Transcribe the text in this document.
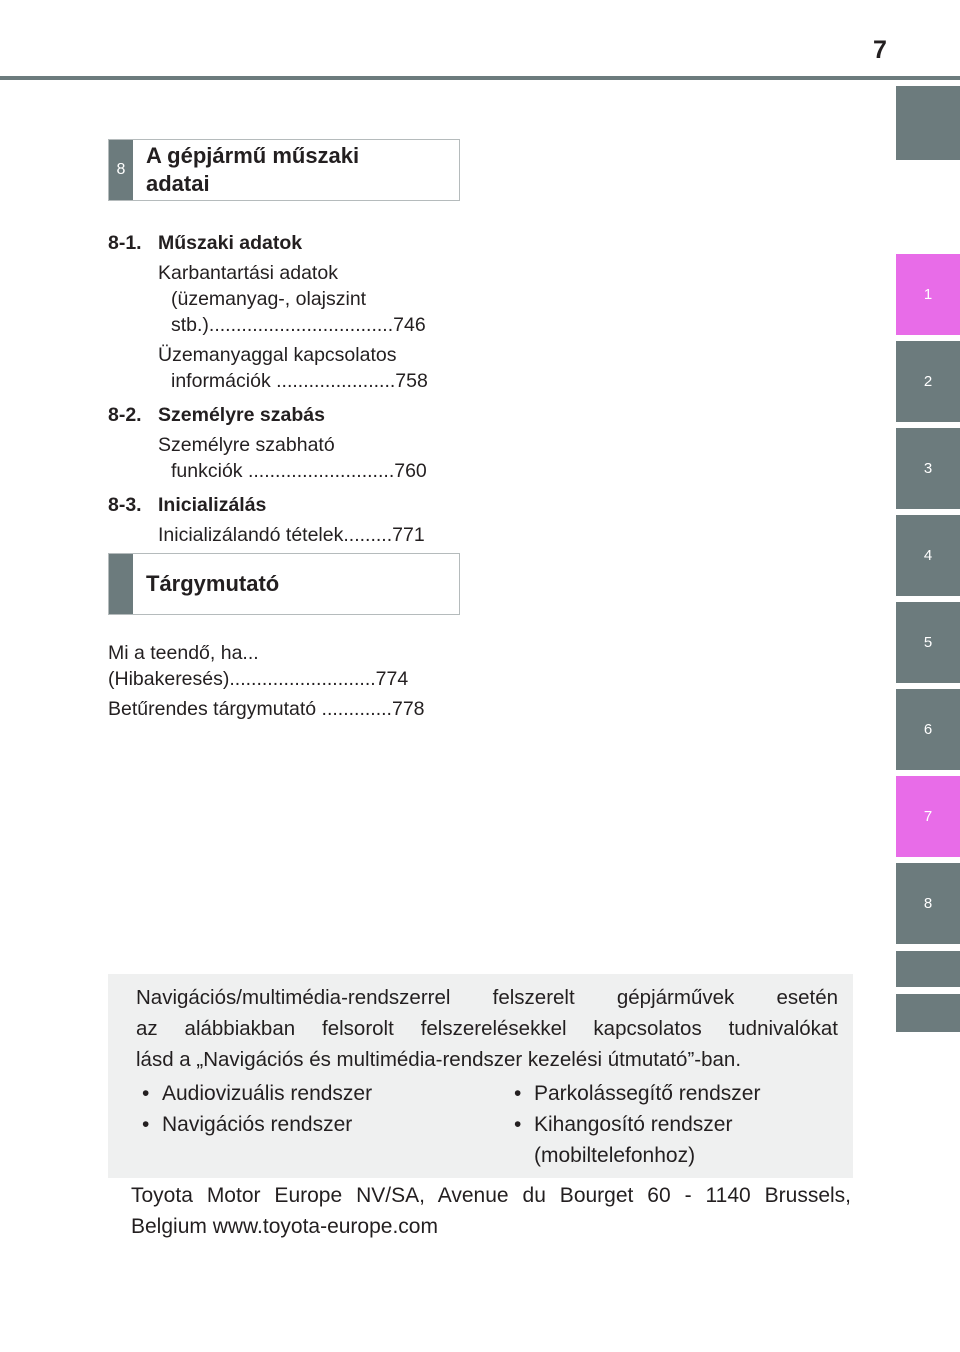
7
1
2
3
4
5
6
7
8
8
A gépjármű műszaki
adatai
8-1. Műszaki adatok
Karbantartási adatok
(üzemanyag-, olajszint
stb.)..................................746
Üzemanyaggal kapcsolatos
információk ......................758
8-2. Személyre szabás
Személyre szabható
funkciók ...........................760
8-3. Inicializálás
Inicializálandó tételek.........771
Tárgymutató
Mi a teendő, ha...
(Hibakeresés)...........................774
Betűrendes tárgymutató .............778
Navigációs/multimédia-rendszerrel felszerelt gépjárművek esetén
az alábbiakban felsorolt felszerelésekkel kapcsolatos tudnivalókat
lásd a „Navigációs és multimédia-rendszer kezelési útmutató”-ban.
• Audiovizuális rendszer
• Navigációs rendszer
• Parkolássegítő rendszer
• Kihangosító rendszer
(mobiltelefonhoz)
Toyota Motor Europe NV/SA, Avenue du Bourget 60 - 1140 Brussels,
Belgium www.toyota-europe.com
